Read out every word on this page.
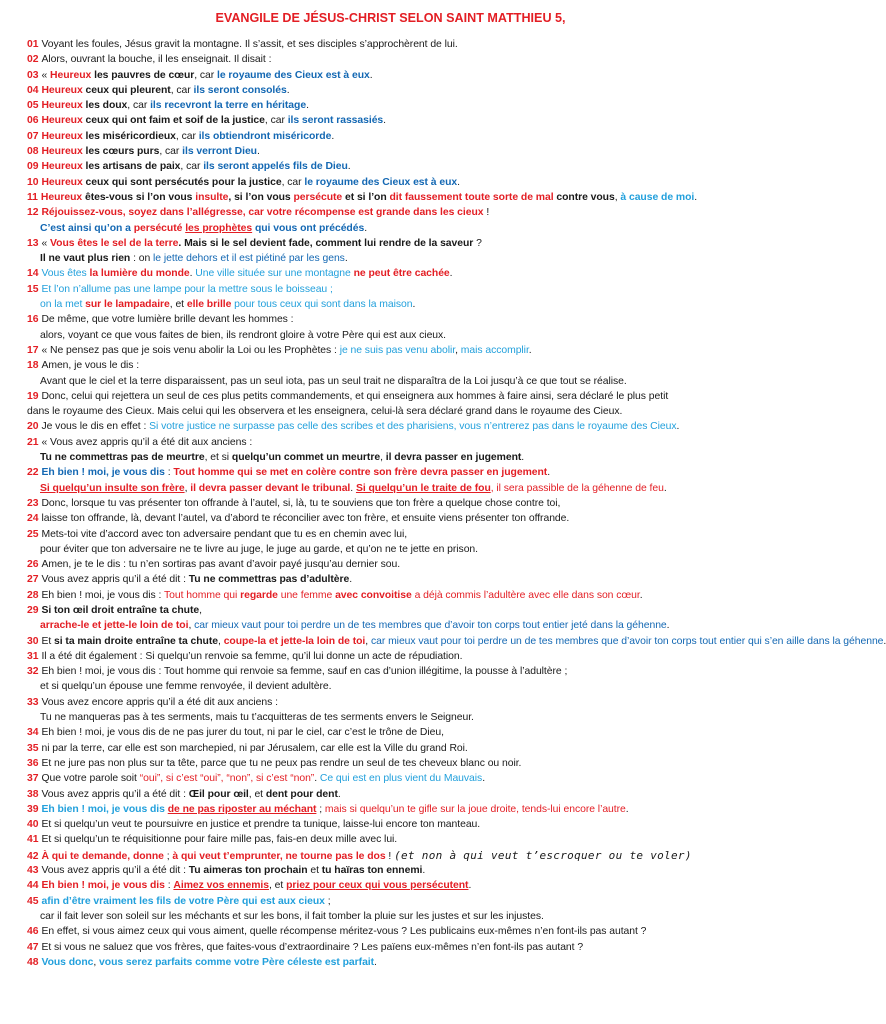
EVANGILE DE JÉSUS-CHRIST SELON SAINT MATTHIEU 5,
01 Voyant les foules, Jésus gravit la montagne. Il s’assit, et ses disciples s’approchèrent de lui.
02 Alors, ouvrant la bouche, il les enseignait. Il disait :
03 « Heureux les pauvres de cœur, car le royaume des Cieux est à eux.
04 Heureux ceux qui pleurent, car ils seront consolés.
05 Heureux les doux, car ils recevront la terre en héritage.
06 Heureux ceux qui ont faim et soif de la justice, car ils seront rassasiés.
07 Heureux les miséricordieux, car ils obtiendront miséricorde.
08 Heureux les cœurs purs, car ils verront Dieu.
09 Heureux les artisans de paix, car ils seront appelés fils de Dieu.
10 Heureux ceux qui sont persécutés pour la justice, car le royaume des Cieux est à eux.
11 Heureux êtes-vous si l’on vous insulte, si l’on vous persécute et si l’on dit faussement toute sorte de mal contre vous, à cause de moi.
12 Réjouissez-vous, soyez dans l’allégresse, car votre récompense est grande dans les cieux !
C’est ainsi qu’on a persécuté les prophètes qui vous ont précédés.
13 « Vous êtes le sel de la terre. Mais si le sel devient fade, comment lui rendre de la saveur ?
Il ne vaut plus rien : on le jette dehors et il est piétiné par les gens.
14 Vous êtes la lumière du monde. Une ville située sur une montagne ne peut être cachée.
15 Et l’on n’allume pas une lampe pour la mettre sous le boisseau ;
on la met sur le lampadaire, et elle brille pour tous ceux qui sont dans la maison.
16 De même, que votre lumière brille devant les hommes :
alors, voyant ce que vous faites de bien, ils rendront gloire à votre Père qui est aux cieux.
17 « Ne pensez pas que je sois venu abolir la Loi ou les Prophètes : je ne suis pas venu abolir, mais accomplir.
18 Amen, je vous le dis :
Avant que le ciel et la terre disparaissent, pas un seul iota, pas un seul trait ne disparaîtra de la Loi jusqu’à ce que tout se réalise.
19 Donc, celui qui rejettera un seul de ces plus petits commandements, et qui enseignera aux hommes à faire ainsi, sera déclaré le plus petit
dans le royaume des Cieux. Mais celui qui les observera et les enseignera, celui-là sera déclaré grand dans le royaume des Cieux.
20 Je vous le dis en effet : Si votre justice ne surpasse pas celle des scribes et des pharisiens, vous n’entrerez pas dans le royaume des Cieux.
21 « Vous avez appris qu’il a été dit aux anciens :
Tu ne commettras pas de meurtre, et si quelqu’un commet un meurtre, il devra passer en jugement.
22 Eh bien ! moi, je vous dis : Tout homme qui se met en colère contre son frère devra passer en jugement.
Si quelqu’un insulte son frère, il devra passer devant le tribunal. Si quelqu’un le traite de fou, il sera passible de la géhenne de feu.
23 Donc, lorsque tu vas présenter ton offrande à l’autel, si, là, tu te souviens que ton frère a quelque chose contre toi,
24 laisse ton offrande, là, devant l’autel, va d’abord te réconcilier avec ton frère, et ensuite viens présenter ton offrande.
25 Mets-toi vite d’accord avec ton adversaire pendant que tu es en chemin avec lui,
pour éviter que ton adversaire ne te livre au juge, le juge au garde, et qu’on ne te jette en prison.
26 Amen, je te le dis : tu n’en sortiras pas avant d’avoir payé jusqu’au dernier sou.
27 Vous avez appris qu’il a été dit : Tu ne commettras pas d’adultère.
28 Eh bien ! moi, je vous dis : Tout homme qui regarde une femme avec convoitise a déjà commis l’adultère avec elle dans son cœur.
29 Si ton œil droit entraîne ta chute,
arrache-le et jette-le loin de toi, car mieux vaut pour toi perdre un de tes membres que d’avoir ton corps tout entier jeté dans la géhenne.
30 Et si ta main droite entraîne ta chute, coupe-la et jette-la loin de toi, car mieux vaut pour toi perdre un de tes membres que d’avoir ton corps tout entier qui s’en aille dans la géhenne.
31 Il a été dit également : Si quelqu’un renvoie sa femme, qu’il lui donne un acte de répudiation.
32 Eh bien ! moi, je vous dis : Tout homme qui renvoie sa femme, sauf en cas d’union illégitime, la pousse à l’adultère ;
et si quelqu’un épouse une femme renvoyée, il devient adultère.
33 Vous avez encore appris qu’il a été dit aux anciens :
Tu ne manqueras pas à tes serments, mais tu t’acquitteras de tes serments envers le Seigneur.
34 Eh bien ! moi, je vous dis de ne pas jurer du tout, ni par le ciel, car c’est le trône de Dieu,
35 ni par la terre, car elle est son marchepied, ni par Jérusalem, car elle est la Ville du grand Roi.
36 Et ne jure pas non plus sur ta tête, parce que tu ne peux pas rendre un seul de tes cheveux blanc ou noir.
37 Que votre parole soit “oui”, si c’est “oui”, “non”, si c’est “non”. Ce qui est en plus vient du Mauvais.
38 Vous avez appris qu’il a été dit : Œil pour œil, et dent pour dent.
39 Eh bien ! moi, je vous dis de ne pas riposter au méchant ; mais si quelqu’un te gifle sur la joue droite, tends-lui encore l’autre.
40 Et si quelqu’un veut te poursuivre en justice et prendre ta tunique, laisse-lui encore ton manteau.
41 Et si quelqu’un te réquisitionne pour faire mille pas, fais-en deux mille avec lui.
42 À qui te demande, donne ; à qui veut t’emprunter, ne tourne pas le dos ! (et non à qui veut t’escroquer ou te voler)
43 Vous avez appris qu’il a été dit : Tu aimeras ton prochain et tu haïras ton ennemi.
44 Eh bien ! moi, je vous dis : Aimez vos ennemis, et priez pour ceux qui vous persécutent.
45 afin d’être vraiment les fils de votre Père qui est aux cieux ;
car il fait lever son soleil sur les méchants et sur les bons, il fait tomber la pluie sur les justes et sur les injustes.
46 En effet, si vous aimez ceux qui vous aiment, quelle récompense méritez-vous ? Les publicains eux-mêmes n’en font-ils pas autant ?
47 Et si vous ne saluez que vos frères, que faites-vous d’extraordinaire ? Les païens eux-mêmes n’en font-ils pas autant ?
48 Vous donc, vous serez parfaits comme votre Père céleste est parfait.
